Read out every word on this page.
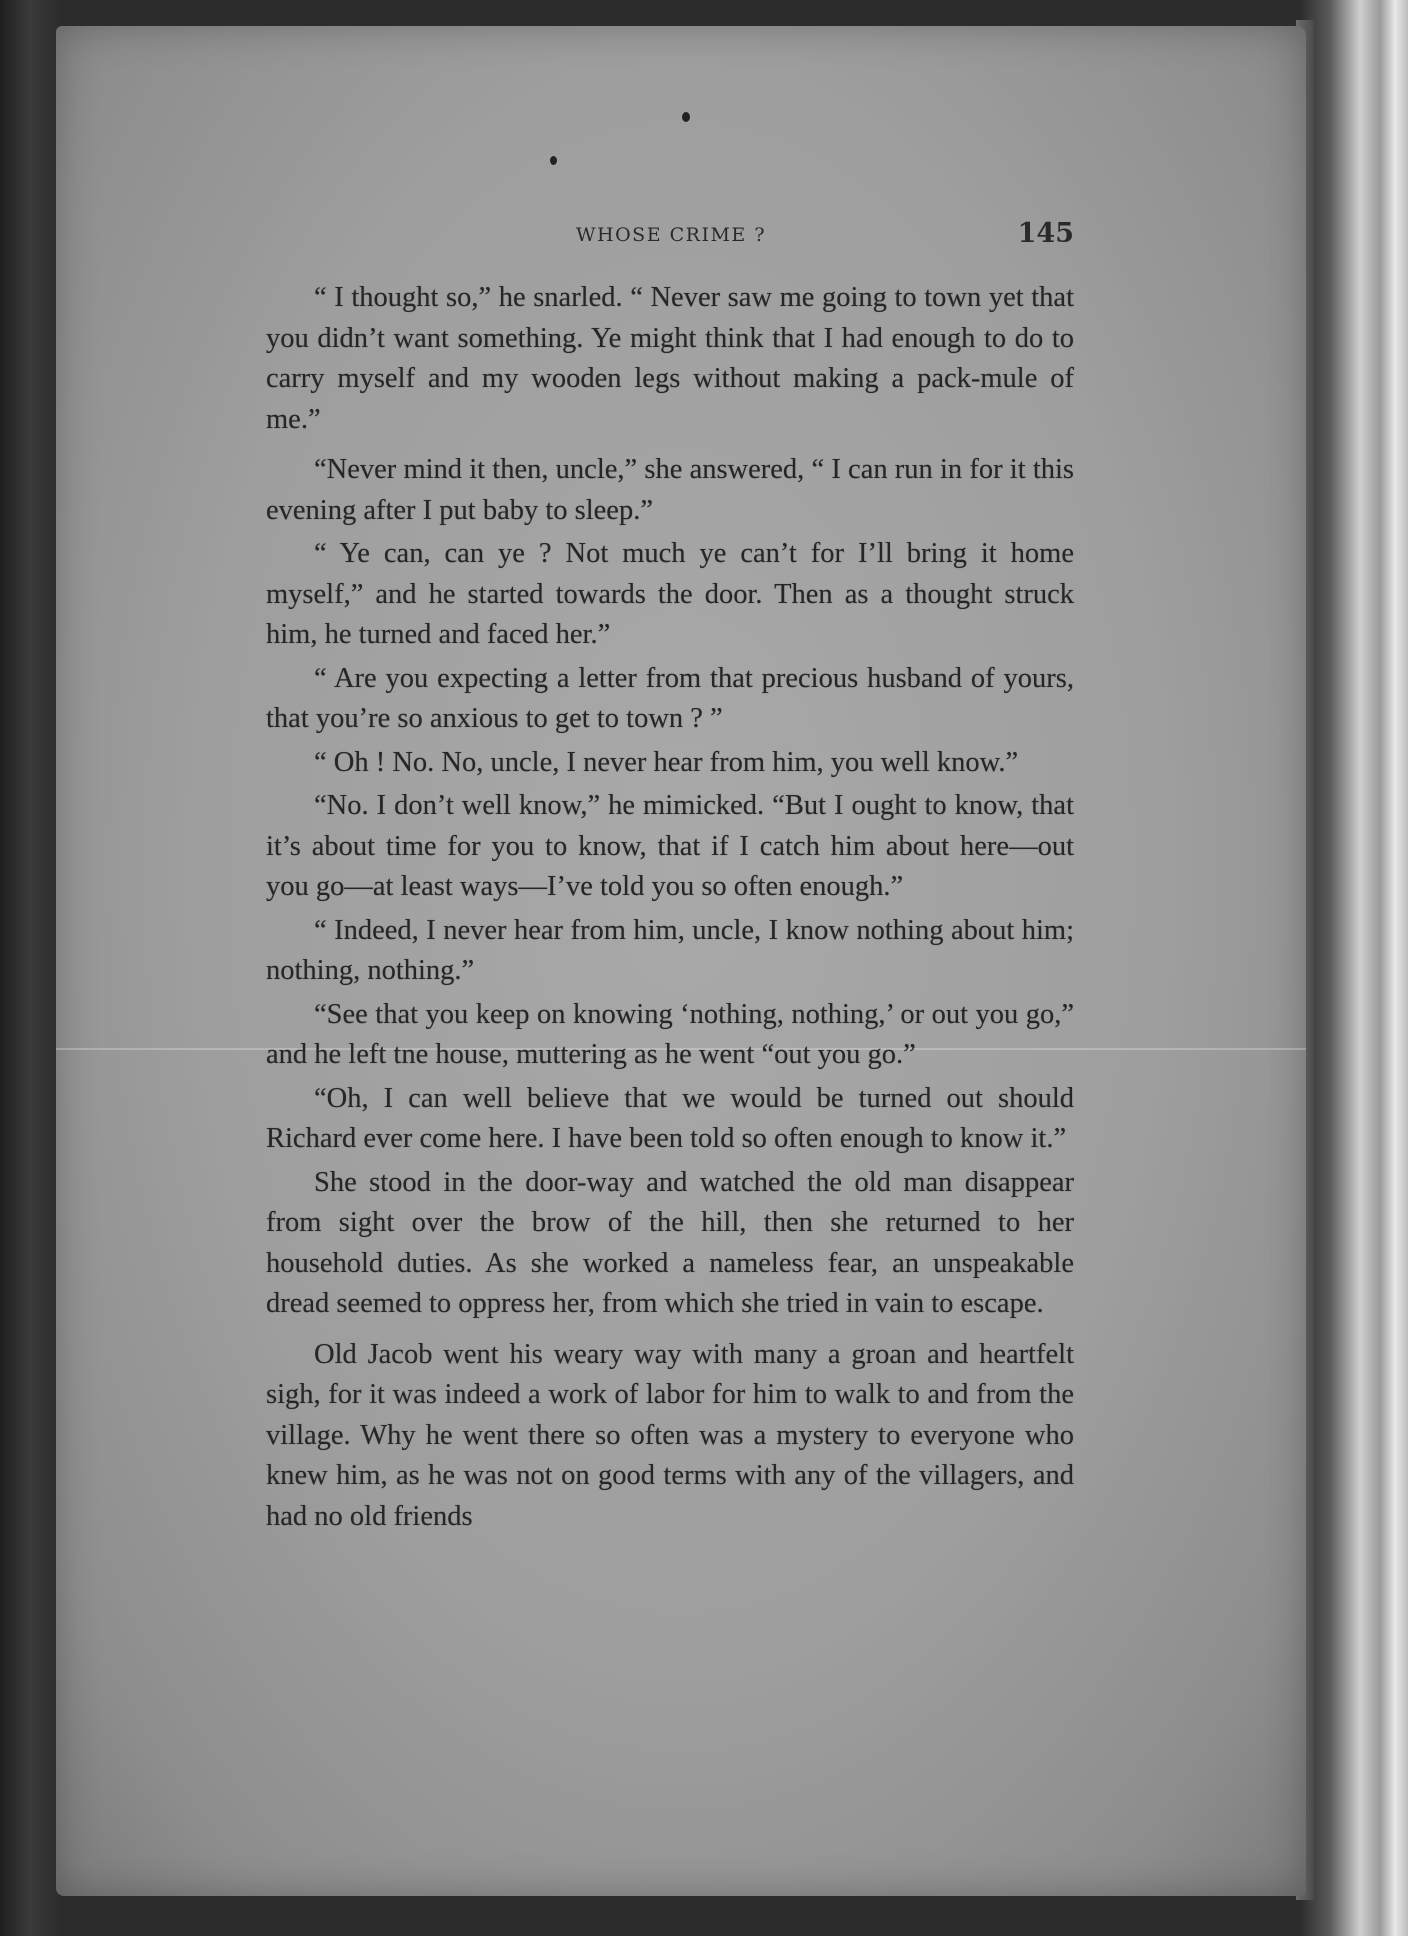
WHOSE CRIME ?	145

“ I thought so,” he snarled. “ Never saw me going to town yet that you didn’t want something. Ye might think that I had enough to do to carry myself and my wooden legs without making a pack-mule of me.”

“Never mind it then, uncle,” she answered, “ I can run in for it this evening after I put baby to sleep.”

“ Ye can, can ye ? Not much ye can’t for I’ll bring it home myself,” and he started towards the door. Then as a thought struck him, he turned and faced her.”

“ Are you expecting a letter from that precious husband of yours, that you’re so anxious to get to town ? ”

“ Oh ! No. No, uncle, I never hear from him, you well know.”

“No. I don’t well know,” he mimicked. “But I ought to know, that it’s about time for you to know, that if I catch him about here—out you go—at least ways—I’ve told you so often enough.”

“ Indeed, I never hear from him, uncle, I know nothing about him; nothing, nothing.”

“See that you keep on knowing ‘nothing, nothing,’ or out you go,” and he left tne house, muttering as he went “out you go.”

“Oh, I can well believe that we would be turned out should Richard ever come here. I have been told so often enough to know it.”

She stood in the door-way and watched the old man disappear from sight over the brow of the hill, then she returned to her household duties. As she worked a nameless fear, an unspeakable dread seemed to oppress her, from which she tried in vain to escape.

Old Jacob went his weary way with many a groan and heartfelt sigh, for it was indeed a work of labor for him to walk to and from the village. Why he went there so often was a mystery to everyone who knew him, as he was not on good terms with any of the villagers, and had no old friends
